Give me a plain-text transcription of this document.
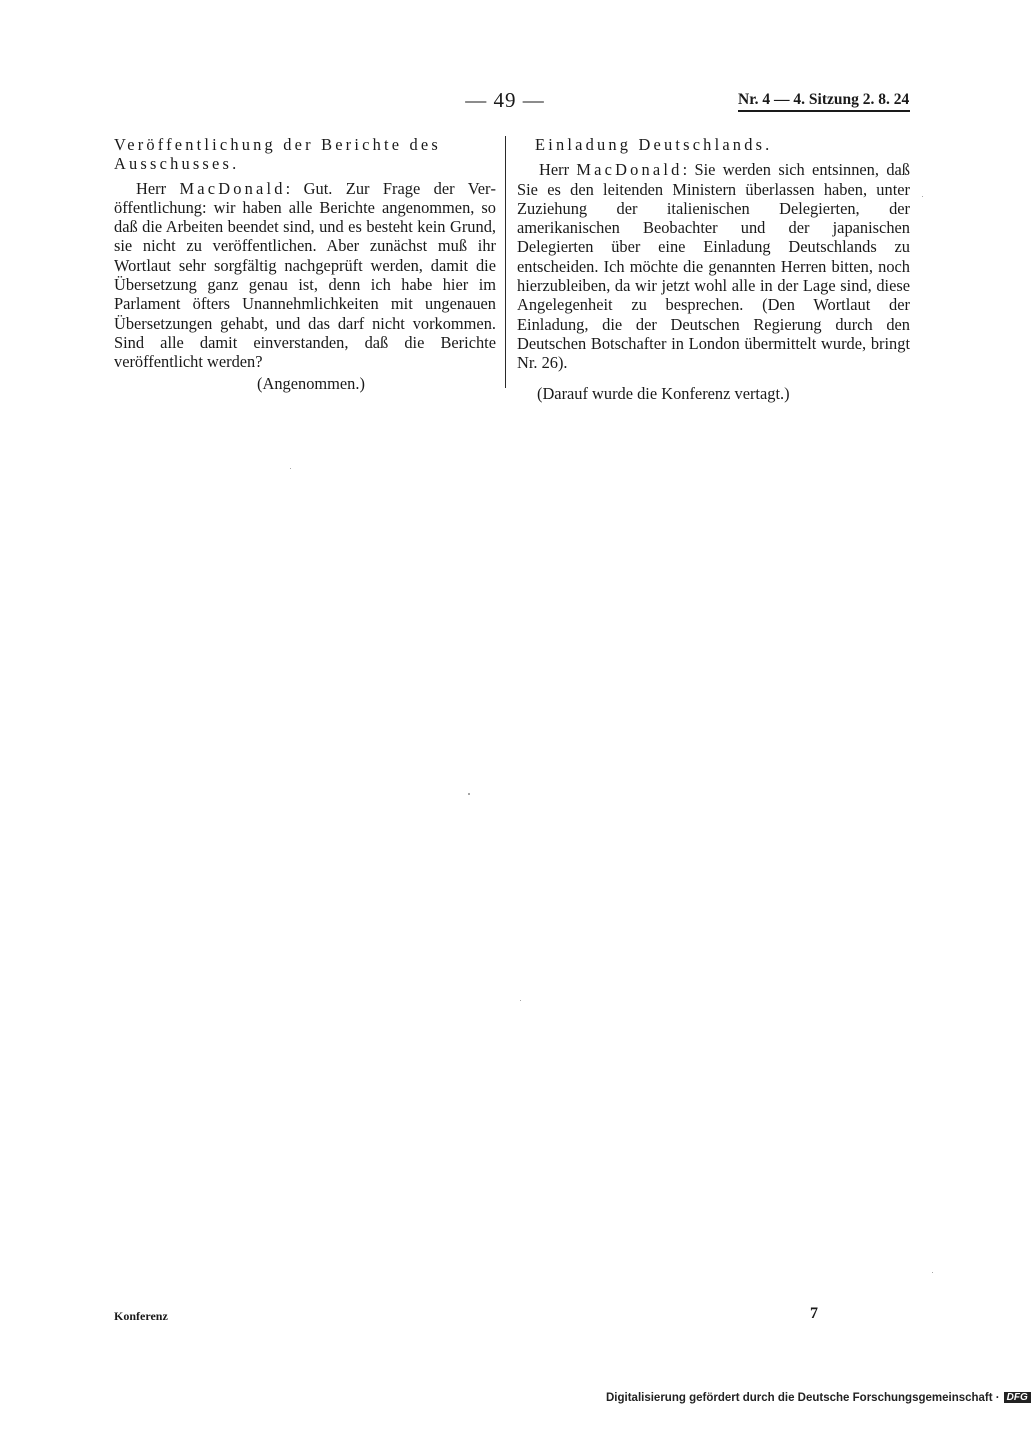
— 49 —	Nr. 4 — 4. Sitzung 2. 8. 24
Veröffentlichung der Berichte des Ausschusses.

Herr MacDonald: Gut. Zur Frage der Veröffentlichung: wir haben alle Berichte angenommen, so daß die Arbeiten beendet sind, und es besteht kein Grund, sie nicht zu veröffentlichen. Aber zunächst muß ihr Wortlaut sehr sorgfältig nachgeprüft werden, damit die Übersetzung ganz genau ist, denn ich habe hier im Parlament öfters Unannehmlichkeiten mit ungenauen Übersetzungen gehabt, und das darf nicht vorkommen. Sind alle damit einverstanden, daß die Berichte veröffentlicht werden?

(Angenommen.)

Einladung Deutschlands.

Herr MacDonald: Sie werden sich entsinnen, daß Sie es den leitenden Ministern überlassen haben, unter Zuziehung der italienischen Delegierten, der amerikanischen Beobachter und der japanischen Delegierten über eine Einladung Deutschlands zu entscheiden. Ich möchte die genannten Herren bitten, noch hierzubleiben, da wir jetzt wohl alle in der Lage sind, diese Angelegenheit zu besprechen. (Den Wortlaut der Einladung, die der Deutschen Regierung durch den Deutschen Botschafter in London übermittelt wurde, bringt Nr. 26).

(Darauf wurde die Konferenz vertagt.)

Konferenz	7
Digitalisierung gefördert durch die Deutsche Forschungsgemeinschaft · DFG
